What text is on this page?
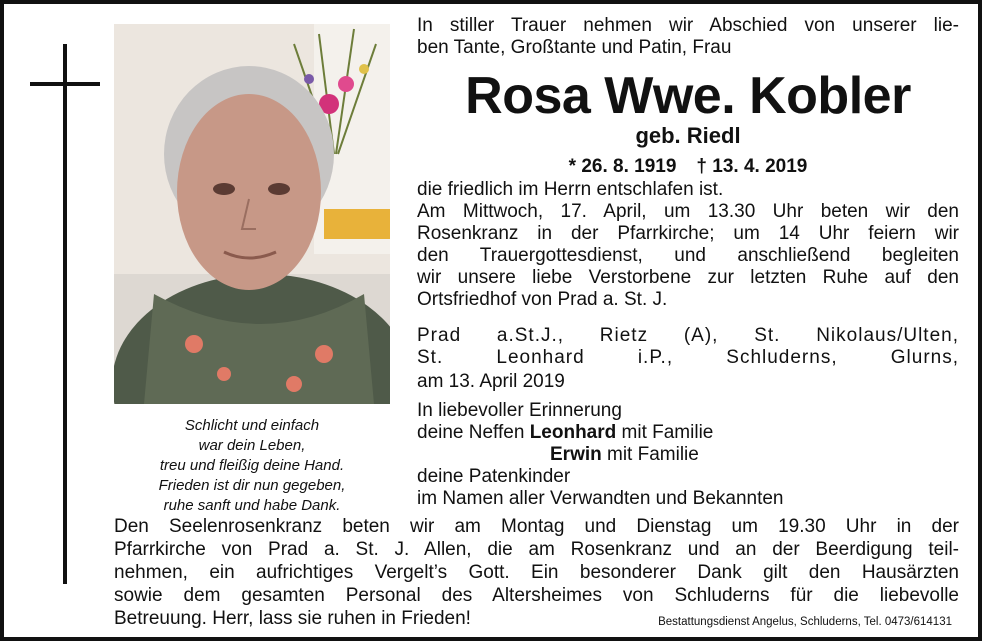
Schlicht und einfach
war dein Leben,
treu und fleißig deine Hand.
Frieden ist dir nun gegeben,
ruhe sanft und habe Dank.
In stiller Trauer nehmen wir Abschied von unserer lie-
ben Tante, Großtante und Patin, Frau
Rosa Wwe. Kobler
geb. Riedl
* 26. 8. 1919 † 13. 4. 2019
die friedlich im Herrn entschlafen ist.
Am Mittwoch, 17. April, um 13.30 Uhr beten wir den
Rosenkranz in der Pfarrkirche; um 14 Uhr feiern wir
den Trauergottesdienst, und anschließend begleiten
wir unsere liebe Verstorbene zur letzten Ruhe auf den
Ortsfriedhof von Prad a. St. J.
Prad a.St.J., Rietz (A), St. Nikolaus/Ulten,
St. Leonhard i.P., Schluderns, Glurns,
am 13. April 2019
In liebevoller Erinnerung
deine Neffen Leonhard mit Familie
Erwin mit Familie
deine Patenkinder
im Namen aller Verwandten und Bekannten
Den Seelenrosenkranz beten wir am Montag und Dienstag um 19.30 Uhr in der
Pfarrkirche von Prad a. St. J. Allen, die am Rosenkranz und an der Beerdigung teil-
nehmen, ein aufrichtiges Vergelt’s Gott. Ein besonderer Dank gilt den Hausärzten
sowie dem gesamten Personal des Altersheimes von Schluderns für die liebevolle
Betreuung. Herr, lass sie ruhen in Frieden!	Bestattungsdienst Angelus, Schluderns, Tel. 0473/614131
